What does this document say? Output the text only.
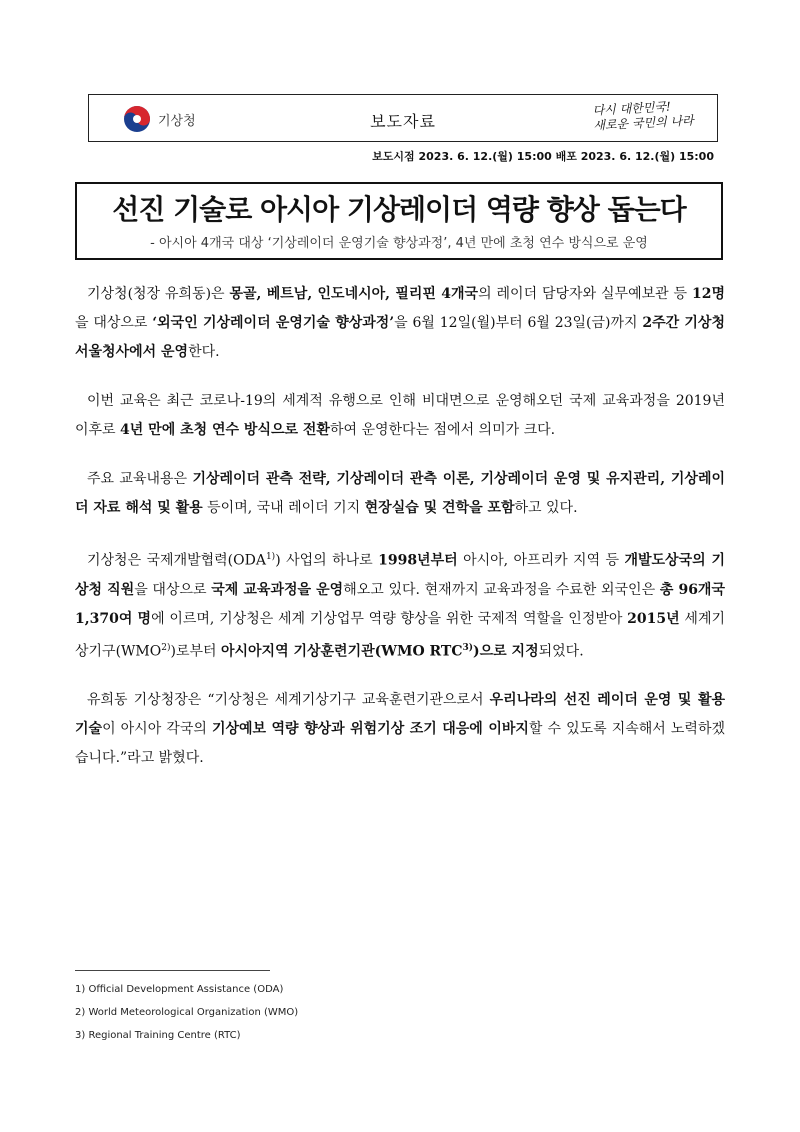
기상청	보도자료
다시 대한민국!
새로운 국민의 나라
보도시점 2023. 6. 12.(월) 15:00 배포 2023. 6. 12.(월) 15:00
선진 기술로 아시아 기상레이더 역량 향상 돕는다
- 아시아 4개국 대상 ‘기상레이더 운영기술 향상과정’, 4년 만에 초청 연수 방식으로 운영

기상청(청장 유희동)은 몽골, 베트남, 인도네시아, 필리핀 4개국의 레이더 담당자와 실무예보관 등 12명을 대상으로 ‘외국인 기상레이더 운영기술 향상과정’을 6월 12일(월)부터 6월 23일(금)까지 2주간 기상청 서울청사에서 운영한다.

이번 교육은 최근 코로나-19의 세계적 유행으로 인해 비대면으로 운영해오던 국제 교육과정을 2019년 이후로 4년 만에 초청 연수 방식으로 전환하여 운영한다는 점에서 의미가 크다.

주요 교육내용은 기상레이더 관측 전략, 기상레이더 관측 이론, 기상레이더 운영 및 유지관리, 기상레이더 자료 해석 및 활용 등이며, 국내 레이더 기지 현장실습 및 견학을 포함하고 있다.

기상청은 국제개발협력(ODA$^{1)}$) 사업의 하나로 1998년부터 아시아, 아프리카 지역 등 개발도상국의 기상청 직원을 대상으로 국제 교육과정을 운영해오고 있다. 현재까지 교육과정을 수료한 외국인은 총 96개국 1,370여 명에 이르며, 기상청은 세계 기상업무 역량 향상을 위한 국제적 역할을 인정받아 2015년 세계기상기구(WMO$^{2)}$)로부터 아시아지역 기상훈련기관(WMO RTC$^{3)}$)으로 지정되었다.

유희동 기상청장은 “기상청은 세계기상기구 교육훈련기관으로서 우리나라의 선진 레이더 운영 및 활용 기술이 아시아 각국의 기상예보 역량 향상과 위험기상 조기 대응에 이바지할 수 있도록 지속해서 노력하겠습니다.”라고 밝혔다.

1) Official Development Assistance (ODA)
2) World Meteorological Organization (WMO)
3) Regional Training Centre (RTC)
